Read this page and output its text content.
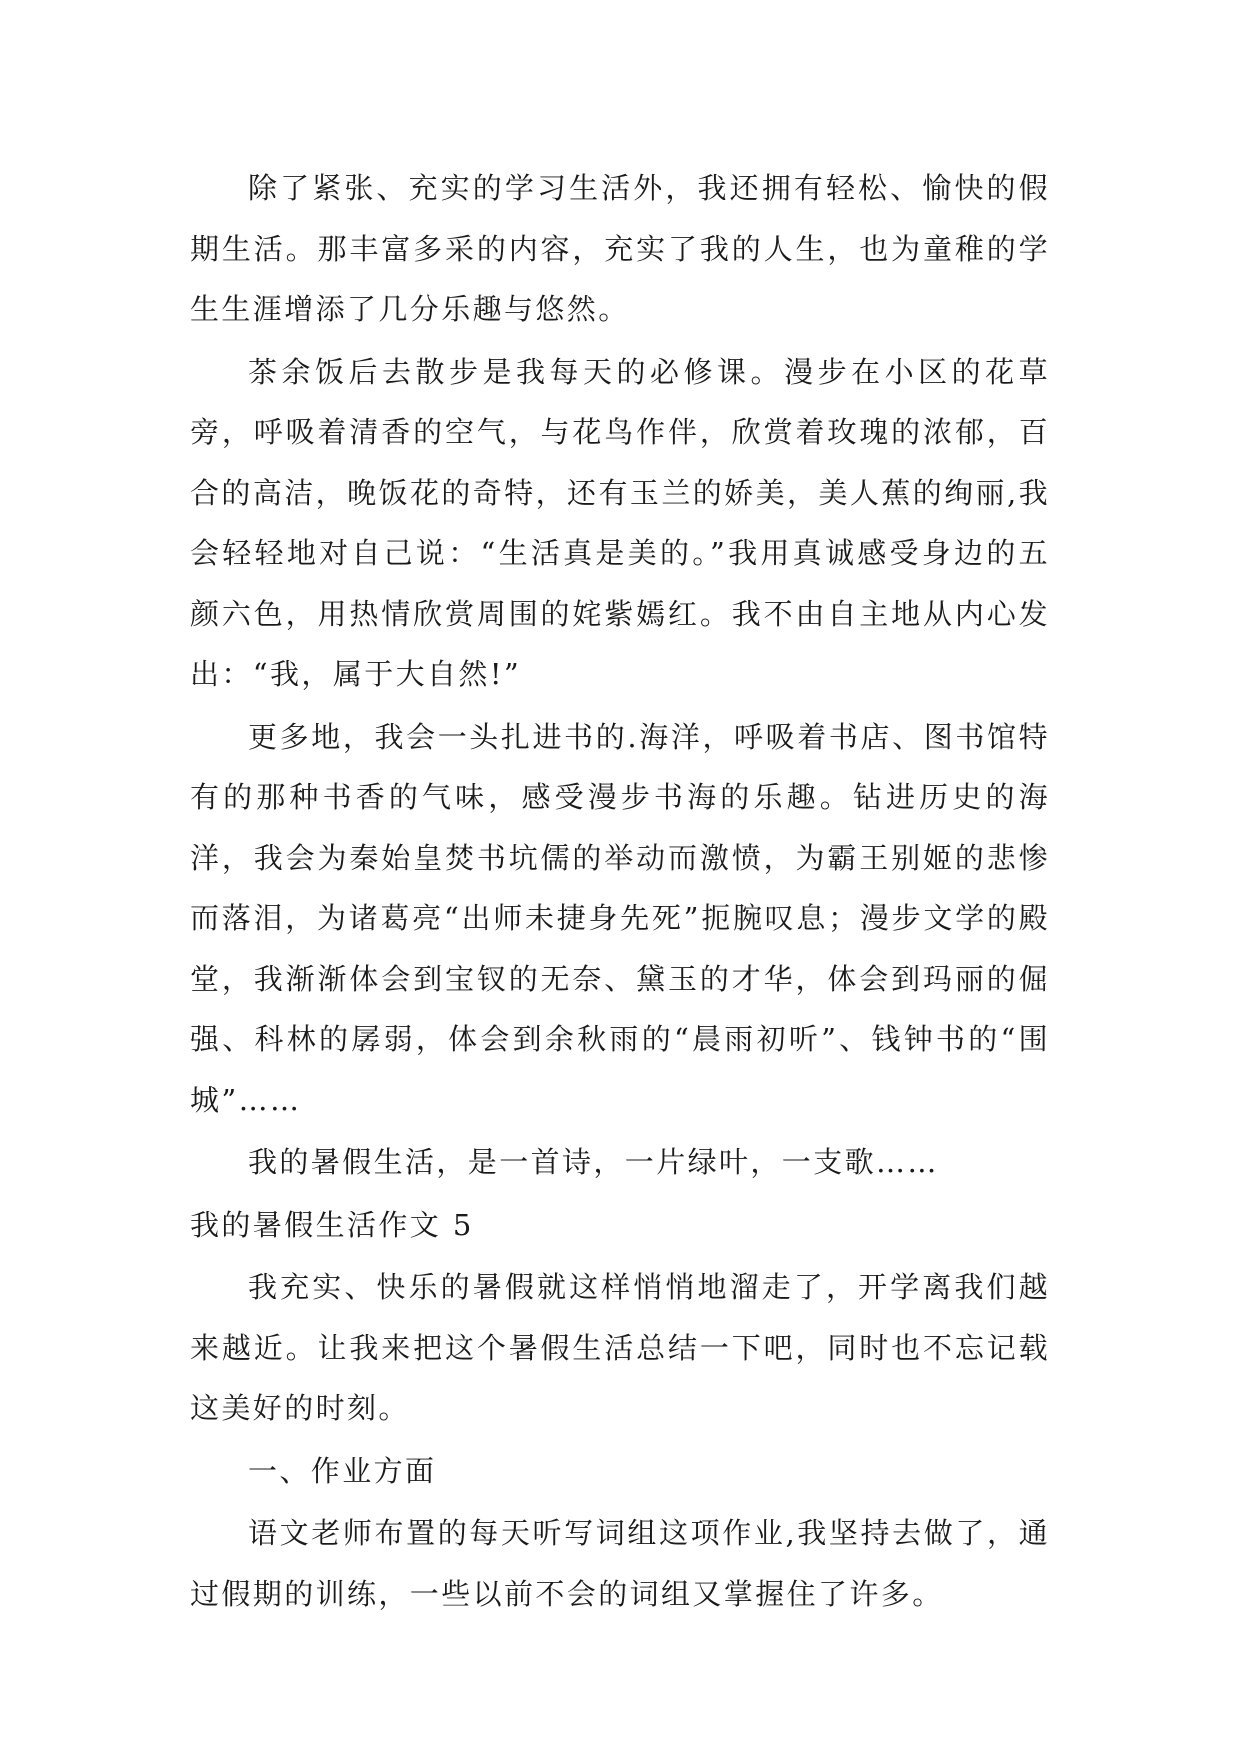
除了紧张、充实的学习生活外，我还拥有轻松、愉快的假期生活。那丰富多采的内容，充实了我的人生，也为童稚的学生生涯增添了几分乐趣与悠然。

茶余饭后去散步是我每天的必修课。漫步在小区的花草旁，呼吸着清香的空气，与花鸟作伴，欣赏着玫瑰的浓郁，百合的高洁，晚饭花的奇特，还有玉兰的娇美，美人蕉的绚丽,我会轻轻地对自己说：“生活真是美的。”我用真诚感受身边的五颜六色，用热情欣赏周围的姹紫嫣红。我不由自主地从内心发出：“我，属于大自然!”

更多地，我会一头扎进书的.海洋，呼吸着书店、图书馆特有的那种书香的气味，感受漫步书海的乐趣。钻进历史的海洋，我会为秦始皇焚书坑儒的举动而激愤，为霸王别姬的悲惨而落泪，为诸葛亮“出师未捷身先死”扼腕叹息；漫步文学的殿堂，我渐渐体会到宝钗的无奈、黛玉的才华，体会到玛丽的倔强、科林的孱弱，体会到余秋雨的“晨雨初听”、钱钟书的“围城”……

我的暑假生活，是一首诗，一片绿叶，一支歌……

我的暑假生活作文 5

我充实、快乐的暑假就这样悄悄地溜走了，开学离我们越来越近。让我来把这个暑假生活总结一下吧，同时也不忘记载这美好的时刻。

一、作业方面

语文老师布置的每天听写词组这项作业,我坚持去做了，通过假期的训练，一些以前不会的词组又掌握住了许多。
